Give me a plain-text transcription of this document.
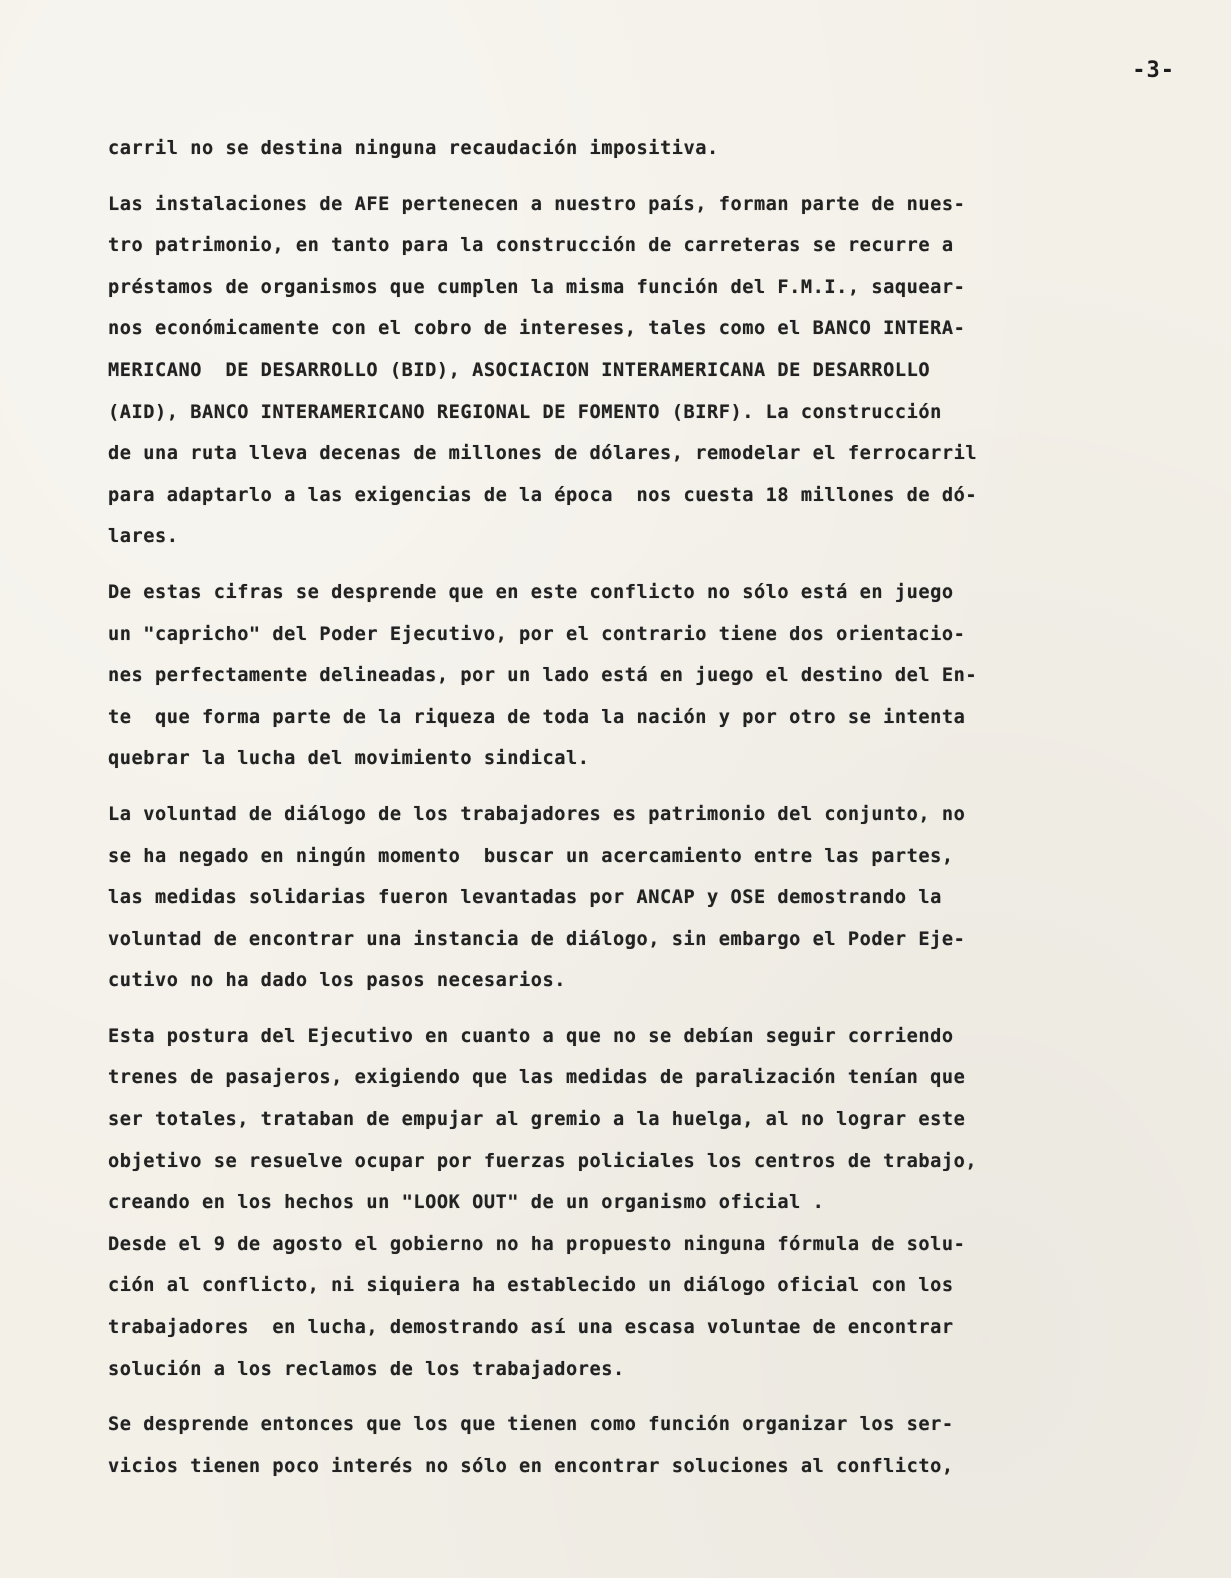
-3-
carril no se destina ninguna recaudación impositiva.
Las instalaciones de AFE pertenecen a nuestro país, forman parte de nues-
tro patrimonio, en tanto para la construcción de carreteras se recurre a
préstamos de organismos que cumplen la misma función del F.M.I., saquear-
nos económicamente con el cobro de intereses, tales como el BANCO INTERA-
MERICANO  DE DESARROLLO (BID), ASOCIACION INTERAMERICANA DE DESARROLLO
(AID), BANCO INTERAMERICANO REGIONAL DE FOMENTO (BIRF). La construcción
de una ruta lleva decenas de millones de dólares, remodelar el ferrocarril
para adaptarlo a las exigencias de la época  nos cuesta 18 millones de dó-
lares.
De estas cifras se desprende que en este conflicto no sólo está en juego
un "capricho" del Poder Ejecutivo, por el contrario tiene dos orientacio-
nes perfectamente delineadas, por un lado está en juego el destino del En-
te  que forma parte de la riqueza de toda la nación y por otro se intenta
quebrar la lucha del movimiento sindical.
La voluntad de diálogo de los trabajadores es patrimonio del conjunto, no
se ha negado en ningún momento  buscar un acercamiento entre las partes,
las medidas solidarias fueron levantadas por ANCAP y OSE demostrando la
voluntad de encontrar una instancia de diálogo, sin embargo el Poder Eje-
cutivo no ha dado los pasos necesarios.
Esta postura del Ejecutivo en cuanto a que no se debían seguir corriendo
trenes de pasajeros, exigiendo que las medidas de paralización tenían que
ser totales, trataban de empujar al gremio a la huelga, al no lograr este
objetivo se resuelve ocupar por fuerzas policiales los centros de trabajo,
creando en los hechos un "LOOK OUT" de un organismo oficial .
Desde el 9 de agosto el gobierno no ha propuesto ninguna fórmula de solu-
ción al conflicto, ni siquiera ha establecido un diálogo oficial con los
trabajadores  en lucha, demostrando así una escasa voluntae de encontrar
solución a los reclamos de los trabajadores.
Se desprende entonces que los que tienen como función organizar los ser-
vicios tienen poco interés no sólo en encontrar soluciones al conflicto,
